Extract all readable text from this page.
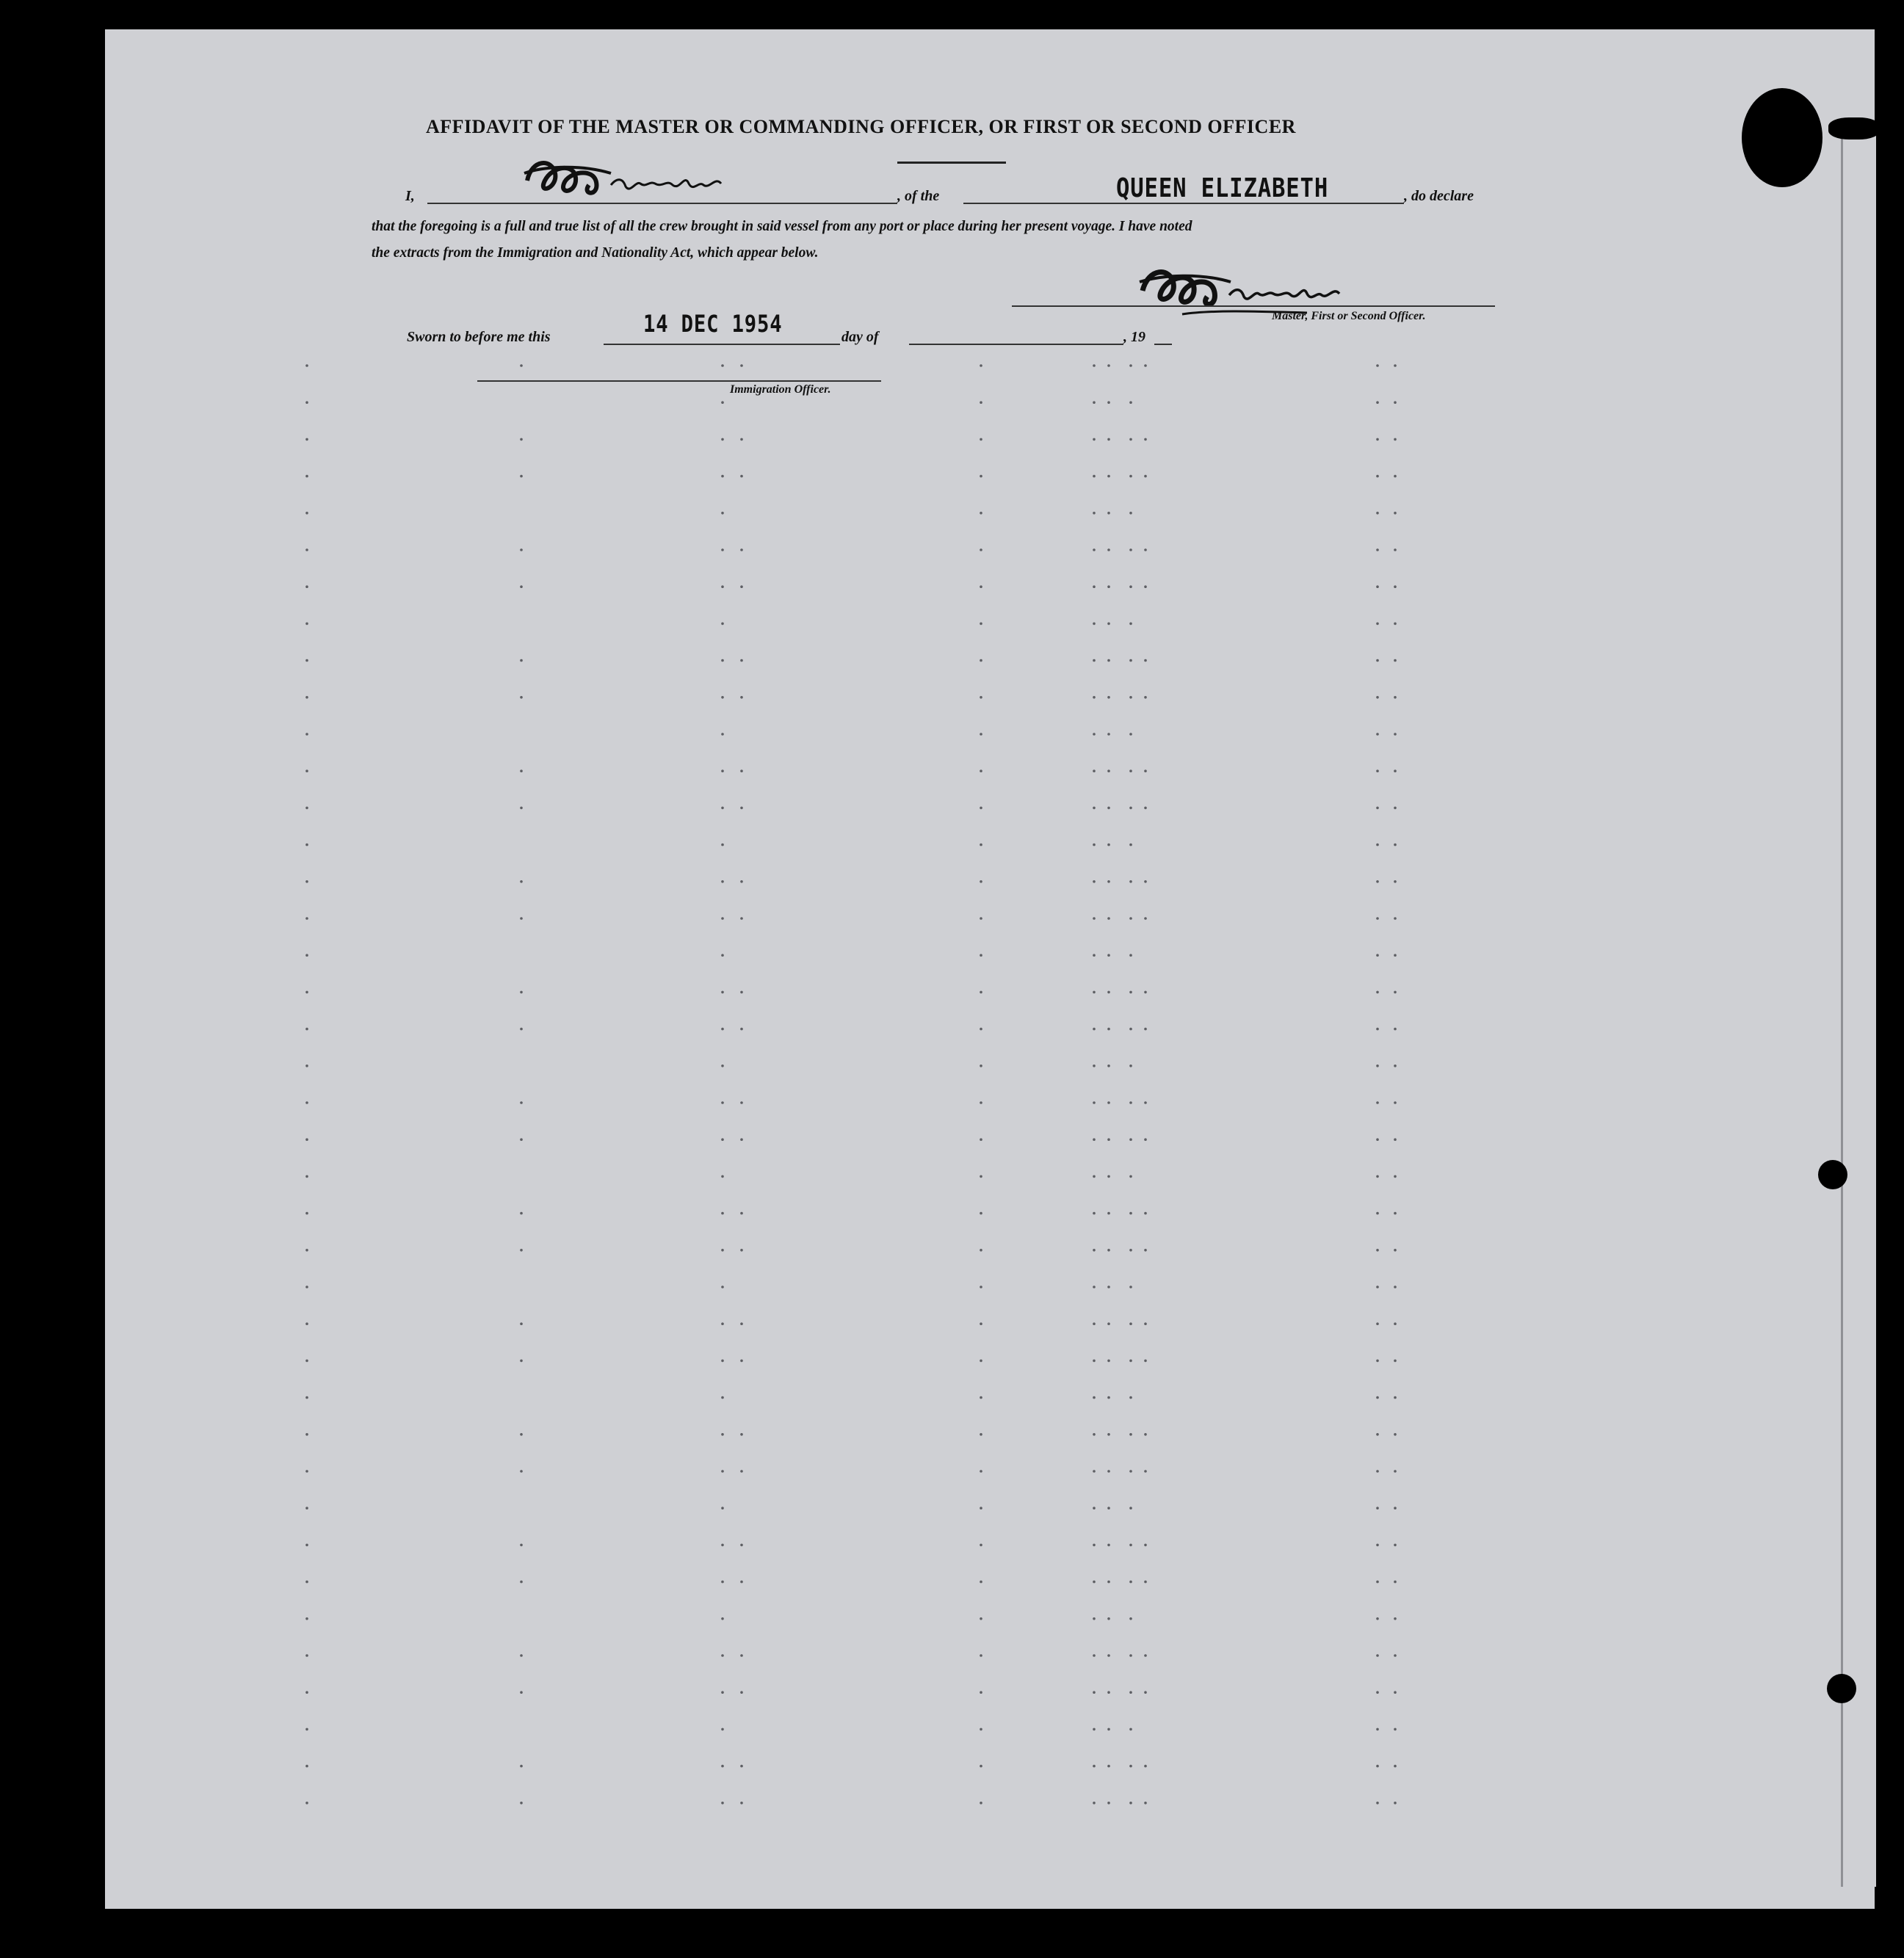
AFFIDAVIT OF THE MASTER OR COMMANDING OFFICER, OR FIRST OR SECOND OFFICER
I,	, of the	QUEEN ELIZABETH	, do declare
that the foregoing is a full and true list of all the crew brought in said vessel from any port or place during her present voyage. I have noted
the extracts from the Immigration and Nationality Act, which appear below.
Master, First or Second Officer.
Sworn to before me this	14 DEC 1954	day of	, 19
Immigration Officer.
